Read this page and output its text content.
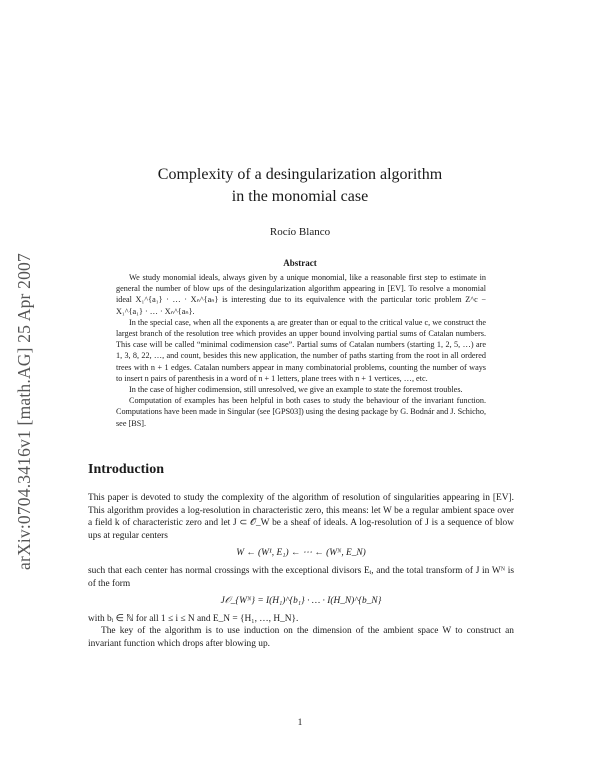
arXiv:0704.3416v1 [math.AG] 25 Apr 2007
Complexity of a desingularization algorithm
in the monomial case
Rocío Blanco
Abstract

We study monomial ideals, always given by a unique monomial, like a reasonable first step to estimate in general the number of blow ups of the desingularization algorithm appearing in [EV]. To resolve a monomial ideal X₁^{a₁} · … · Xₙ^{aₙ} is interesting due to its equivalence with the particular toric problem Z^c − X₁^{a₁} · … · Xₙ^{aₙ}.

In the special case, when all the exponents aᵢ are greater than or equal to the critical value c, we construct the largest branch of the resolution tree which provides an upper bound involving partial sums of Catalan numbers. This case will be called “minimal codimension case”. Partial sums of Catalan numbers (starting 1, 2, 5, …) are 1, 3, 8, 22, …, and count, besides this new application, the number of paths starting from the root in all ordered trees with n + 1 edges. Catalan numbers appear in many combinatorial problems, counting the number of ways to insert n pairs of parenthesis in a word of n + 1 letters, plane trees with n + 1 vertices, …, etc.

In the case of higher codimension, still unresolved, we give an example to state the foremost troubles.

Computation of examples has been helpful in both cases to study the behaviour of the invariant function. Computations have been made in Singular (see [GPS03]) using the desing package by G. Bodnár and J. Schicho, see [BS].

Introduction

This paper is devoted to study the complexity of the algorithm of resolution of singularities appearing in [EV]. This algorithm provides a log-resolution in characteristic zero, this means: let W be a regular ambient space over a field k of characteristic zero and let J ⊂ 𝒪_W be a sheaf of ideals. A log-resolution of J is a sequence of blow ups at regular centers

W ← (W¹, E₁) ← ⋯ ← (Wᴺ, E_N)

such that each center has normal crossings with the exceptional divisors Eᵢ, and the total transform of J in Wᴺ is of the form

J𝒪_{Wᴺ} = I(H₁)^{b₁} · … · I(H_N)^{b_N}

with bᵢ ∈ ℕ for all 1 ≤ i ≤ N and E_N = {H₁, …, H_N}.

The key of the algorithm is to use induction on the dimension of the ambient space W to construct an invariant function which drops after blowing up.

1
